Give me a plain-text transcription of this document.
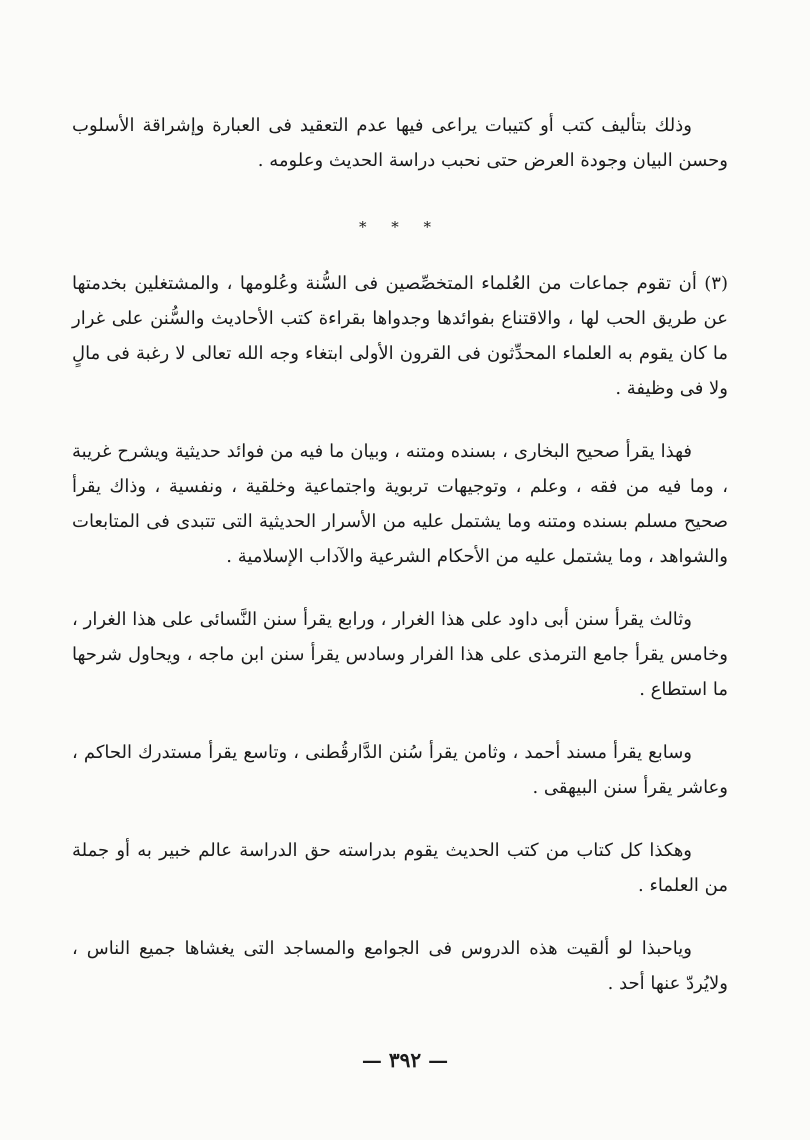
وذلك بتأليف كتب أو كتيبات يراعى فيها عدم التعقيد فى العبارة وإشراقة الأسلوب وحسن البيان وجودة العرض حتى نحبب دراسة الحديث وعلومه .

* * *

(٣) أن تقوم جماعات من العُلماء المتخصِّصين فى السُّنة وعُلومها ، والمشتغلين بخدمتها عن طريق الحب لها ، والاقتناع بفوائدها وجدواها بقراءة كتب الأحاديث والسُّنن على غرار ما كان يقوم به العلماء المحدِّثون فى القرون الأولى ابتغاء وجه الله تعالى لا رغبة فى مالٍ ولا فى وظيفة .

فهذا يقرأ صحيح البخارى ، بسنده ومتنه ، وبيان ما فيه من فوائد حديثية ويشرح غريبة ، وما فيه من فقه ، وعلم ، وتوجيهات تربوية واجتماعية وخلقية ، ونفسية ، وذاك يقرأ صحيح مسلم بسنده ومتنه وما يشتمل عليه من الأسرار الحديثية التى تتبدى فى المتابعات والشواهد ، وما يشتمل عليه من الأحكام الشرعية والآداب الإسلامية .

وثالث يقرأ سنن أبى داود على هذا الغرار ، ورابع يقرأ سنن النَّسائى على هذا الغرار ، وخامس يقرأ جامع الترمذى على هذا الفرار وسادس يقرأ سنن ابن ماجه ، ويحاول شرحها ما استطاع .

وسابع يقرأ مسند أحمد ، وثامن يقرأ سُنن الدَّارقُطنى ، وتاسع يقرأ مستدرك الحاكم ، وعاشر يقرأ سنن البيهقى .

وهكذا كل كتاب من كتب الحديث يقوم بدراسته حق الدراسة عالم خبير به أو جملة من العلماء .

وياحبذا لو ألقيت هذه الدروس فى الجوامع والمساجد التى يغشاها جميع الناس ، ولايُردّ عنها أحد .

— ٣٩٢ —
